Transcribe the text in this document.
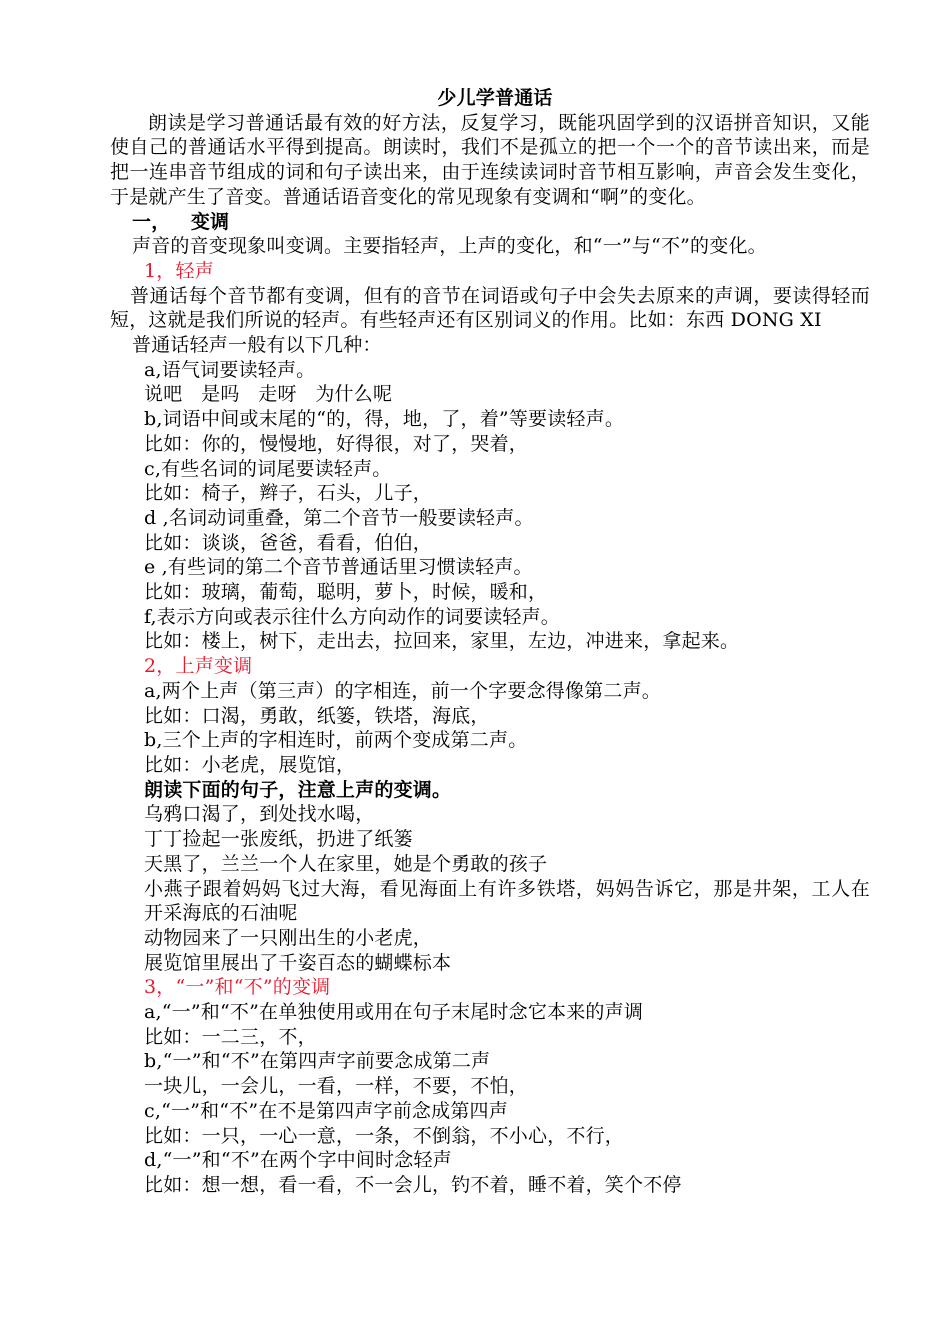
少儿学普通话

朗读是学习普通话最有效的好方法，反复学习，既能巩固学到的汉语拼音知识，又能使自己的普通话水平得到提高。朗读时，我们不是孤立的把一个一个的音节读出来，而是把一连串音节组成的词和句子读出来，由于连续读词时音节相互影响，声音会发生变化，于是就产生了音变。普通话语音变化的常见现象有变调和“啊”的变化。

一，   变调

声音的音变现象叫变调。主要指轻声，上声的变化，和“一”与“不”的变化。

1，轻声

普通话每个音节都有变调，但有的音节在词语或句子中会失去原来的声调，要读得轻而短，这就是我们所说的轻声。有些轻声还有区别词义的作用。比如：东西 DONG XI

普通话轻声一般有以下几种：

a,语气词要读轻声。

说吧   是吗   走呀   为什么呢

b,词语中间或末尾的“的，得，地，了，着”等要读轻声。

比如：你的，慢慢地，好得很，对了，哭着，

c,有些名词的词尾要读轻声。

比如：椅子，辫子，石头，儿子，

d ,名词动词重叠，第二个音节一般要读轻声。

比如：谈谈，爸爸，看看，伯伯，

e ,有些词的第二个音节普通话里习惯读轻声。

比如：玻璃，葡萄，聪明，萝卜，时候，暖和，

f,表示方向或表示往什么方向动作的词要读轻声。

比如：楼上，树下，走出去，拉回来，家里，左边，冲进来，拿起来。

2，上声变调

a,两个上声（第三声）的字相连，前一个字要念得像第二声。

比如：口渴，勇敢，纸篓，铁塔，海底，

b,三个上声的字相连时，前两个变成第二声。

比如：小老虎，展览馆，

朗读下面的句子，注意上声的变调。

乌鸦口渴了，到处找水喝，

丁丁捡起一张废纸，扔进了纸篓

天黑了，兰兰一个人在家里，她是个勇敢的孩子

小燕子跟着妈妈飞过大海，看见海面上有许多铁塔，妈妈告诉它，那是井架，工人在开采海底的石油呢

动物园来了一只刚出生的小老虎，

展览馆里展出了千姿百态的蝴蝶标本

3，“一”和“不”的变调

a,“一”和“不”在单独使用或用在句子末尾时念它本来的声调

比如：一二三，不，

b,“一”和“不”在第四声字前要念成第二声

一块儿，一会儿，一看，一样，不要，不怕，

c,“一”和“不”在不是第四声字前念成第四声

比如：一只，一心一意，一条，不倒翁，不小心，不行，

d,“一”和“不”在两个字中间时念轻声

比如：想一想，看一看，不一会儿，钓不着，睡不着，笑个不停
